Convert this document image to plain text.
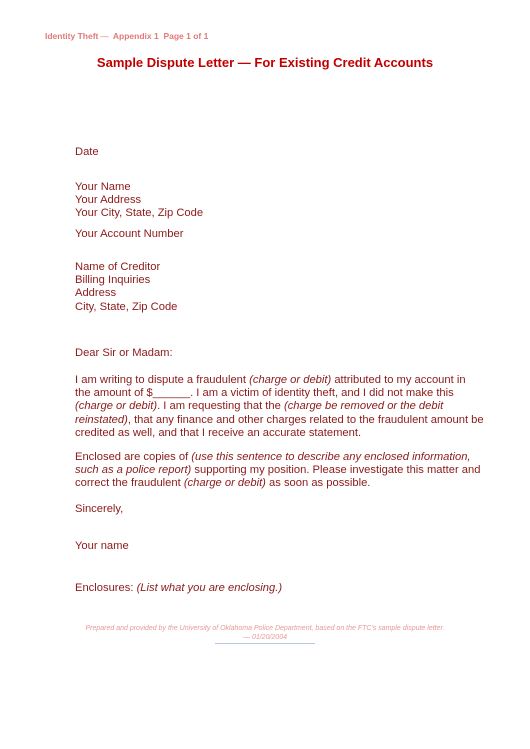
Identity Theft — Appendix 1 Page 1 of 1
Sample Dispute Letter — For Existing Credit Accounts
Date
Your Name
Your Address
Your City, State, Zip Code
Your Account Number
Name of Creditor
Billing Inquiries
Address
City, State, Zip Code
Dear Sir or Madam:
I am writing to dispute a fraudulent (charge or debit) attributed to my account in
the amount of $______. I am a victim of identity theft, and I did not make this
(charge or debit). I am requesting that the (charge be removed or the debit
reinstated), that any finance and other charges related to the fraudulent amount be
credited as well, and that I receive an accurate statement.
Enclosed are copies of (use this sentence to describe any enclosed information,
such as a police report) supporting my position. Please investigate this matter and
correct the fraudulent (charge or debit) as soon as possible.
Sincerely,
Your name
Enclosures: (List what you are enclosing.)
Prepared and provided by the University of Oklahoma Police Department, based on the FTC's sample dispute letter.
— 01/20/2004
